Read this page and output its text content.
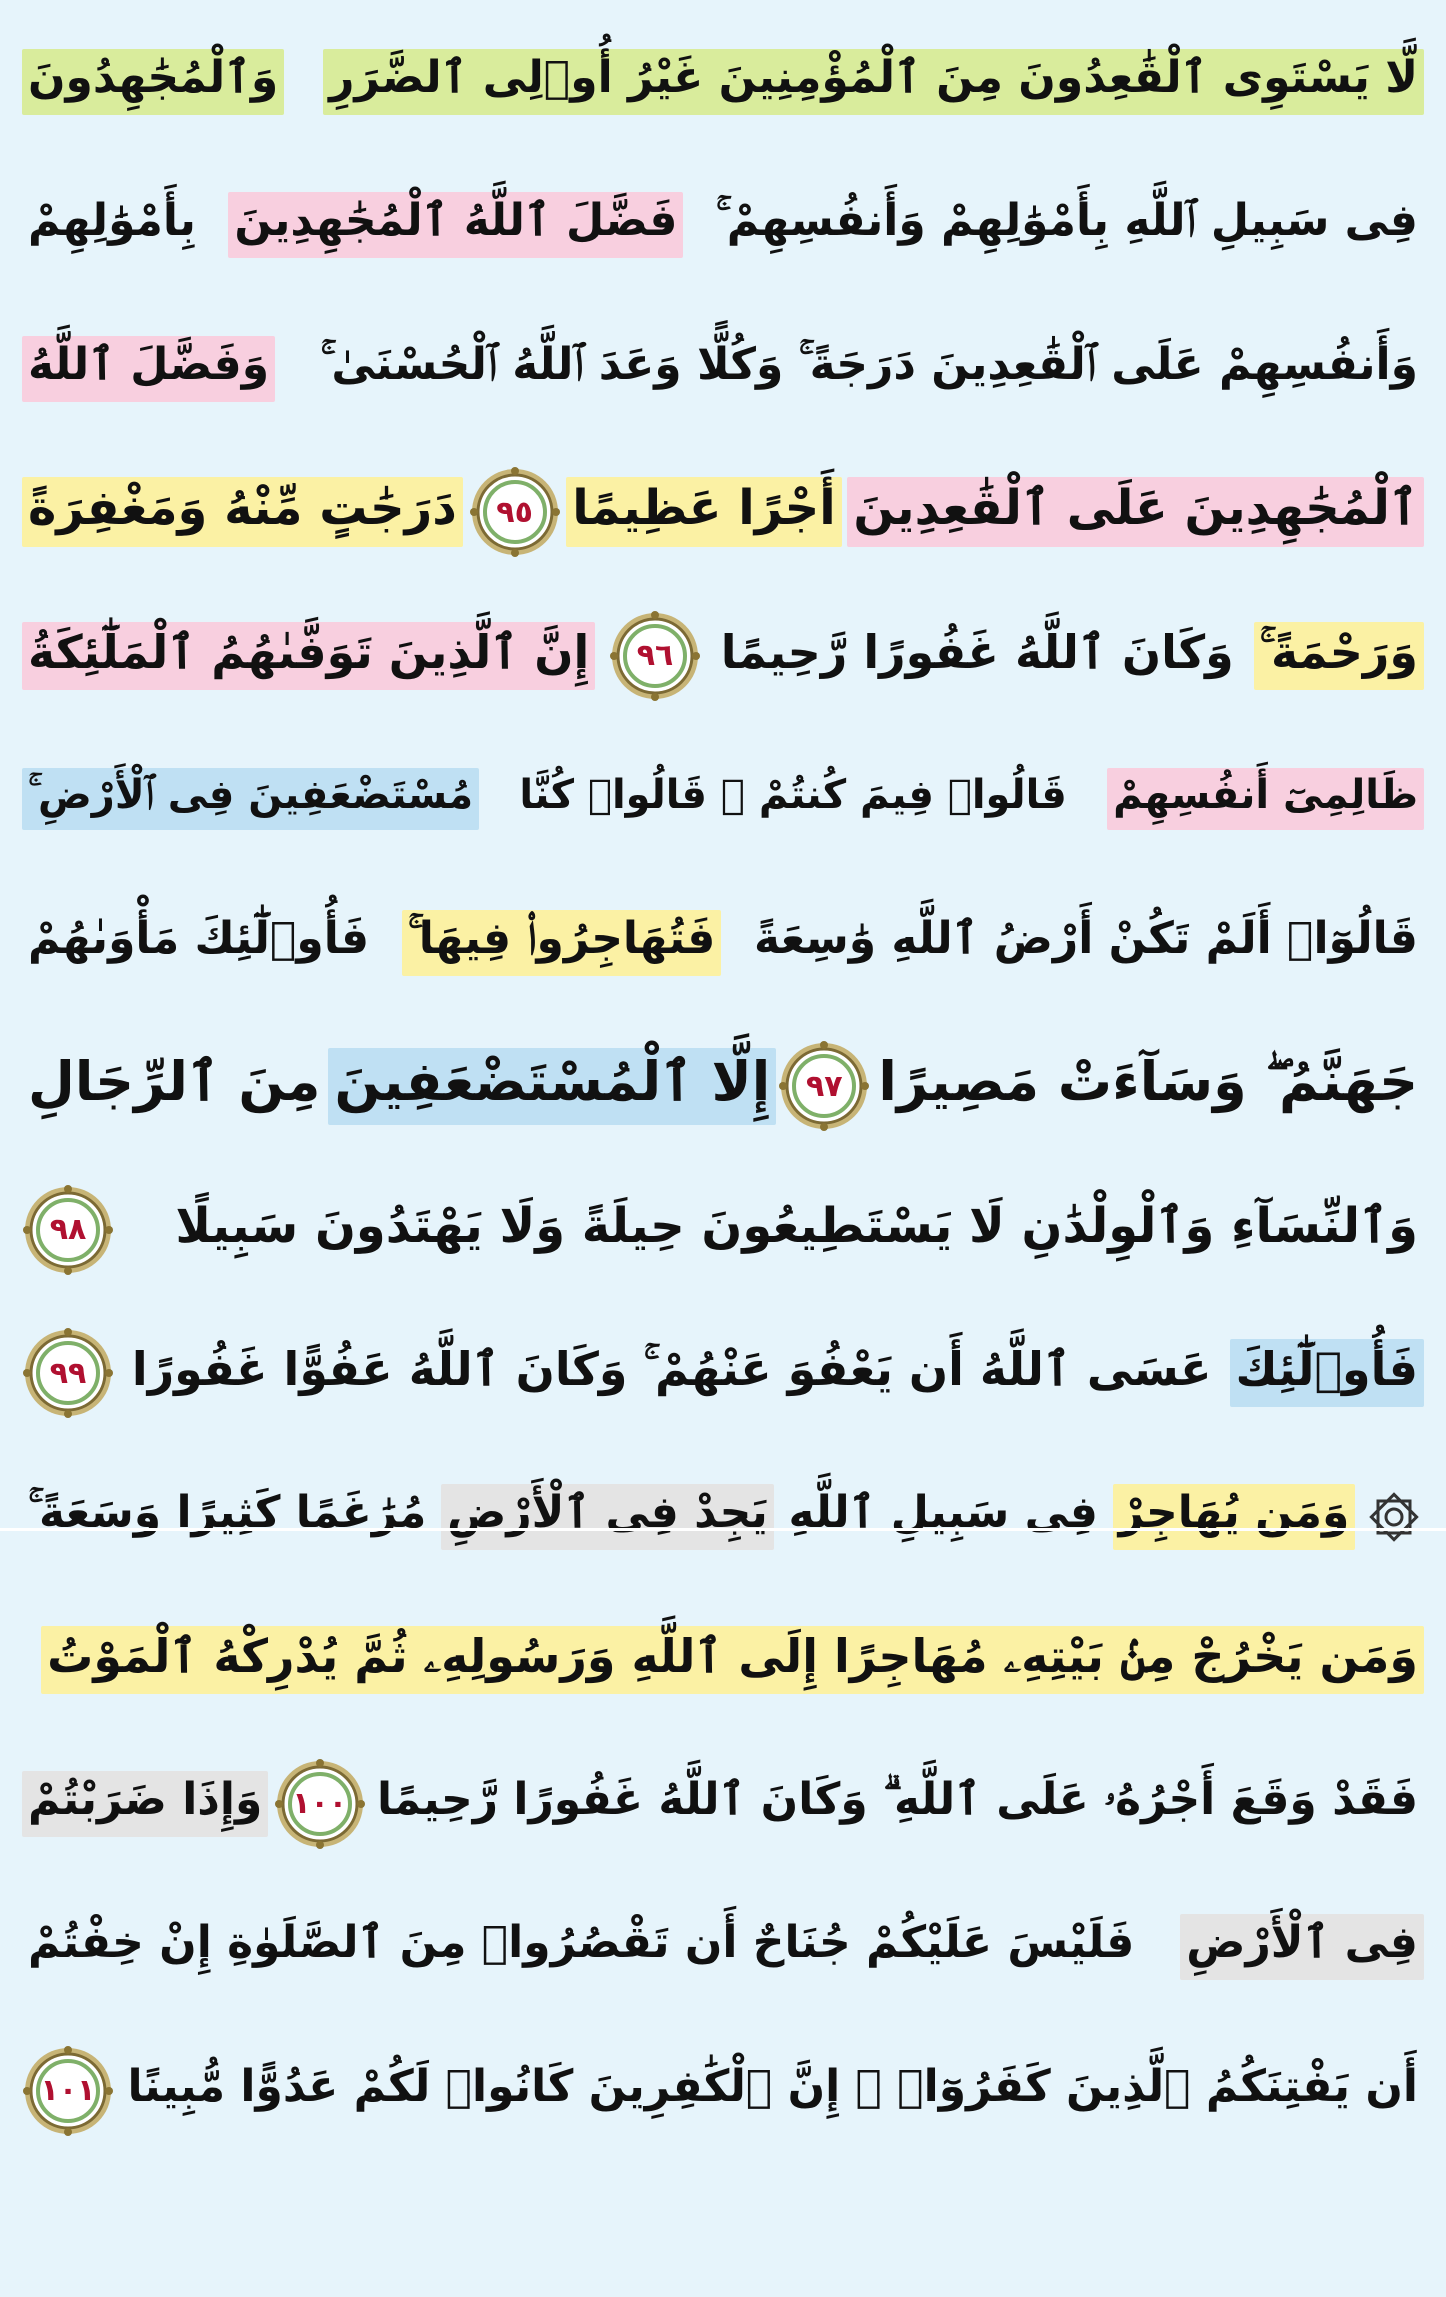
لَّا يَسْتَوِى ٱلْقَٰعِدُونَ مِنَ ٱلْمُؤْمِنِينَ غَيْرُ أُو۟لِى ٱلضَّرَرِ
وَٱلْمُجَٰهِدُونَ
فِى سَبِيلِ ٱللَّهِ بِأَمْوَٰلِهِمْ وَأَنفُسِهِمْ ۚ
فَضَّلَ ٱللَّهُ ٱلْمُجَٰهِدِينَ
بِأَمْوَٰلِهِمْ
وَأَنفُسِهِمْ عَلَى ٱلْقَٰعِدِينَ دَرَجَةً ۚ وَكُلًّا وَعَدَ ٱللَّهُ ٱلْحُسْنَىٰ ۚ
وَفَضَّلَ ٱللَّهُ
ٱلْمُجَٰهِدِينَ عَلَى ٱلْقَٰعِدِينَ
أَجْرًا عَظِيمًا
٩٥
دَرَجَٰتٍ مِّنْهُ وَمَغْفِرَةً
وَرَحْمَةً ۚ
وَكَانَ ٱللَّهُ غَفُورًا رَّحِيمًا
٩٦
إِنَّ ٱلَّذِينَ تَوَفَّىٰهُمُ ٱلْمَلَٰٓئِكَةُ
ظَالِمِىٓ أَنفُسِهِمْ
قَالُوا۟ فِيمَ كُنتُمْ ۖ قَالُوا۟ كُنَّا
مُسْتَضْعَفِينَ فِى ٱلْأَرْضِ ۚ
قَالُوٓا۟ أَلَمْ تَكُنْ أَرْضُ ٱللَّهِ وَٰسِعَةً
فَتُهَاجِرُوا۟ فِيهَا ۚ
فَأُو۟لَٰٓئِكَ مَأْوَىٰهُمْ
جَهَنَّمُ ۖ وَسَآءَتْ مَصِيرًا
٩٧
إِلَّا ٱلْمُسْتَضْعَفِينَ
مِنَ ٱلرِّجَالِ
وَٱلنِّسَآءِ وَٱلْوِلْدَٰنِ لَا يَسْتَطِيعُونَ حِيلَةً وَلَا يَهْتَدُونَ سَبِيلًا
٩٨
فَأُو۟لَٰٓئِكَ
عَسَى ٱللَّهُ أَن يَعْفُوَ عَنْهُمْ ۚ وَكَانَ ٱللَّهُ عَفُوًّا غَفُورًا
٩٩
وَمَن يُهَاجِرْ
فِى سَبِيلِ ٱللَّهِ
يَجِدْ فِى ٱلْأَرْضِ
مُرَٰغَمًا كَثِيرًا وَسَعَةً ۚ
وَمَن يَخْرُجْ مِنۢ بَيْتِهِۦ مُهَاجِرًا إِلَى ٱللَّهِ وَرَسُولِهِۦ ثُمَّ يُدْرِكْهُ ٱلْمَوْتُ
فَقَدْ وَقَعَ أَجْرُهُۥ عَلَى ٱللَّهِ ۗ وَكَانَ ٱللَّهُ غَفُورًا رَّحِيمًا
١٠٠
وَإِذَا ضَرَبْتُمْ
فِى ٱلْأَرْضِ
فَلَيْسَ عَلَيْكُمْ جُنَاحٌ أَن تَقْصُرُوا۟ مِنَ ٱلصَّلَوٰةِ إِنْ خِفْتُمْ
أَن يَفْتِنَكُمُ ٱلَّذِينَ كَفَرُوٓا۟ ۚ إِنَّ ٱلْكَٰفِرِينَ كَانُوا۟ لَكُمْ عَدُوًّا مُّبِينًا
١٠١
